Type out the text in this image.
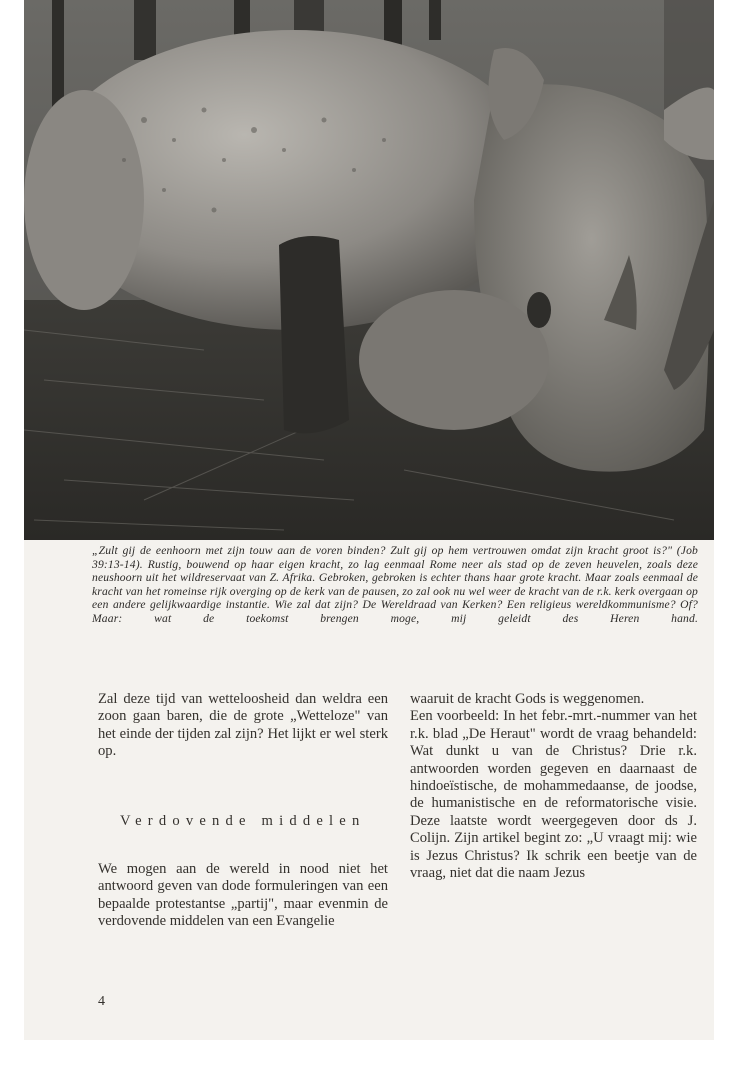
„Zult gij de eenhoorn met zijn touw aan de voren binden? Zult gij op hem vertrouwen omdat zijn kracht groot is?" (Job 39:13-14). Rustig, bouwend op haar eigen kracht, zo lag eenmaal Rome neer als stad op de zeven heuvelen, zoals deze neushoorn uit het wildreservaat van Z. Afrika. Gebroken, gebroken is echter thans haar grote kracht. Maar zoals eenmaal de kracht van het romeinse rijk overging op de kerk van de pausen, zo zal ook nu wel weer de kracht van de r.k. kerk overgaan op een andere gelijkwaardige instantie. Wie zal dat zijn? De Wereldraad van Kerken? Een religieus wereldkommunisme? Of? Maar: wat de toekomst brengen moge, mij geleidt des Heren hand.

Zal deze tijd van wetteloosheid dan weldra een zoon gaan baren, die de grote „Wetteloze" van het einde der tijden zal zijn? Het lijkt er wel sterk op.

Verdovende middelen

We mogen aan de wereld in nood niet het antwoord geven van dode formuleringen van een bepaalde protestantse „partij", maar evenmin de verdovende middelen van een Evangelie

waaruit de kracht Gods is weggenomen.

Een voorbeeld: In het febr.-mrt.-nummer van het r.k. blad „De Heraut" wordt de vraag behandeld: Wat dunkt u van de Christus? Drie r.k. antwoorden worden gegeven en daarnaast de hindoeïstische, de mohammedaanse, de joodse, de humanistische en de reformatorische visie. Deze laatste wordt weergegeven door ds J. Colijn. Zijn artikel begint zo: „U vraagt mij: wie is Jezus Christus? Ik schrik een beetje van de vraag, niet dat die naam Jezus

4
